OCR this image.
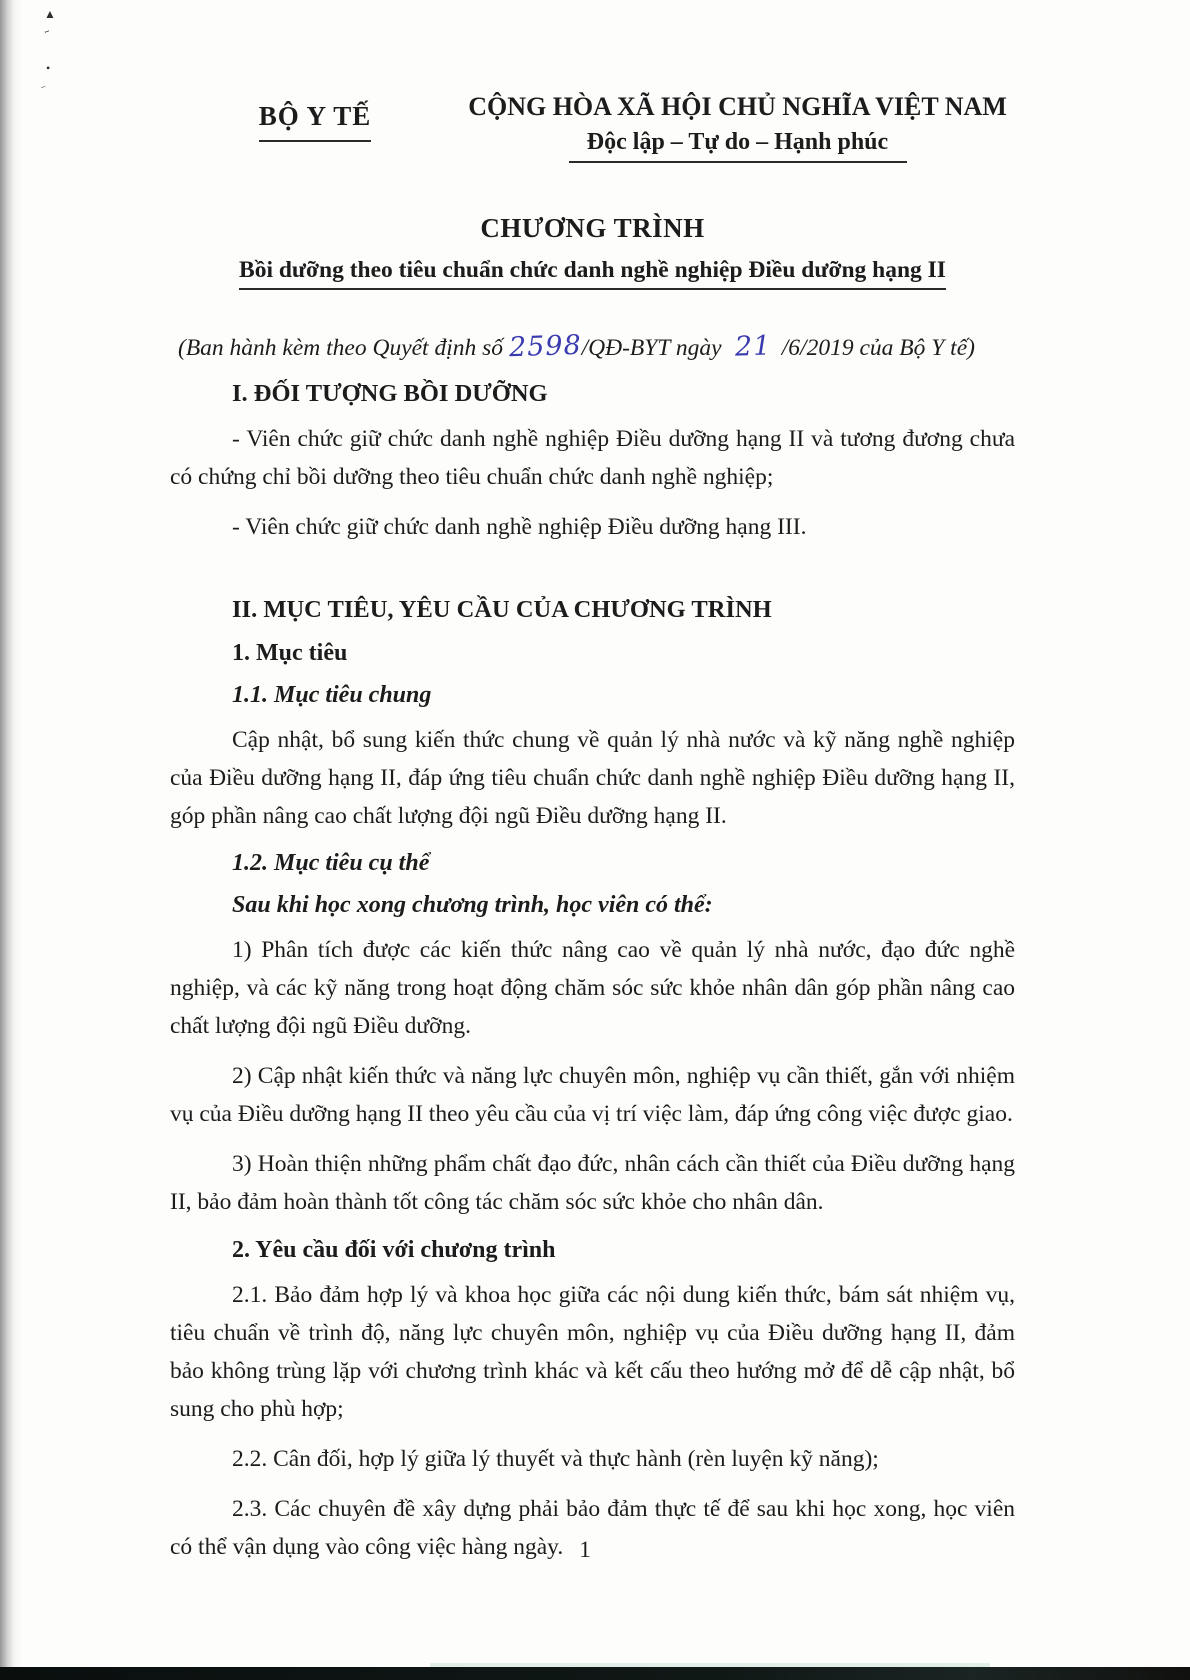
▲
ı
•
–
BỘ Y TẾ	CỘNG HÒA XÃ HỘI CHỦ NGHĨA VIỆT NAM
Độc lập – Tự do – Hạnh phúc
CHƯƠNG TRÌNH
Bồi dưỡng theo tiêu chuẩn chức danh nghề nghiệp Điều dưỡng hạng II
(Ban hành kèm theo Quyết định số 2598/QĐ-BYT ngày 21 /6/2019 của Bộ Y tế)
I. ĐỐI TƯỢNG BỒI DƯỠNG
- Viên chức giữ chức danh nghề nghiệp Điều dưỡng hạng II và tương đương chưa có chứng chỉ bồi dưỡng theo tiêu chuẩn chức danh nghề nghiệp;
- Viên chức giữ chức danh nghề nghiệp Điều dưỡng hạng III.
II. MỤC TIÊU, YÊU CẦU CỦA CHƯƠNG TRÌNH
1. Mục tiêu
1.1. Mục tiêu chung
Cập nhật, bổ sung kiến thức chung về quản lý nhà nước và kỹ năng nghề nghiệp của Điều dưỡng hạng II, đáp ứng tiêu chuẩn chức danh nghề nghiệp Điều dưỡng hạng II, góp phần nâng cao chất lượng đội ngũ Điều dưỡng hạng II.
1.2. Mục tiêu cụ thể
Sau khi học xong chương trình, học viên có thể:
1) Phân tích được các kiến thức nâng cao về quản lý nhà nước, đạo đức nghề nghiệp, và các kỹ năng trong hoạt động chăm sóc sức khỏe nhân dân góp phần nâng cao chất lượng đội ngũ Điều dưỡng.
2) Cập nhật kiến thức và năng lực chuyên môn, nghiệp vụ cần thiết, gắn với nhiệm vụ của Điều dưỡng hạng II theo yêu cầu của vị trí việc làm, đáp ứng công việc được giao.
3) Hoàn thiện những phẩm chất đạo đức, nhân cách cần thiết của Điều dưỡng hạng II, bảo đảm hoàn thành tốt công tác chăm sóc sức khỏe cho nhân dân.
2. Yêu cầu đối với chương trình
2.1. Bảo đảm hợp lý và khoa học giữa các nội dung kiến thức, bám sát nhiệm vụ, tiêu chuẩn về trình độ, năng lực chuyên môn, nghiệp vụ của Điều dưỡng hạng II, đảm bảo không trùng lặp với chương trình khác và kết cấu theo hướng mở để dễ cập nhật, bổ sung cho phù hợp;
2.2. Cân đối, hợp lý giữa lý thuyết và thực hành (rèn luyện kỹ năng);
2.3. Các chuyên đề xây dựng phải bảo đảm thực tế để sau khi học xong, học viên có thể vận dụng vào công việc hàng ngày. 1
